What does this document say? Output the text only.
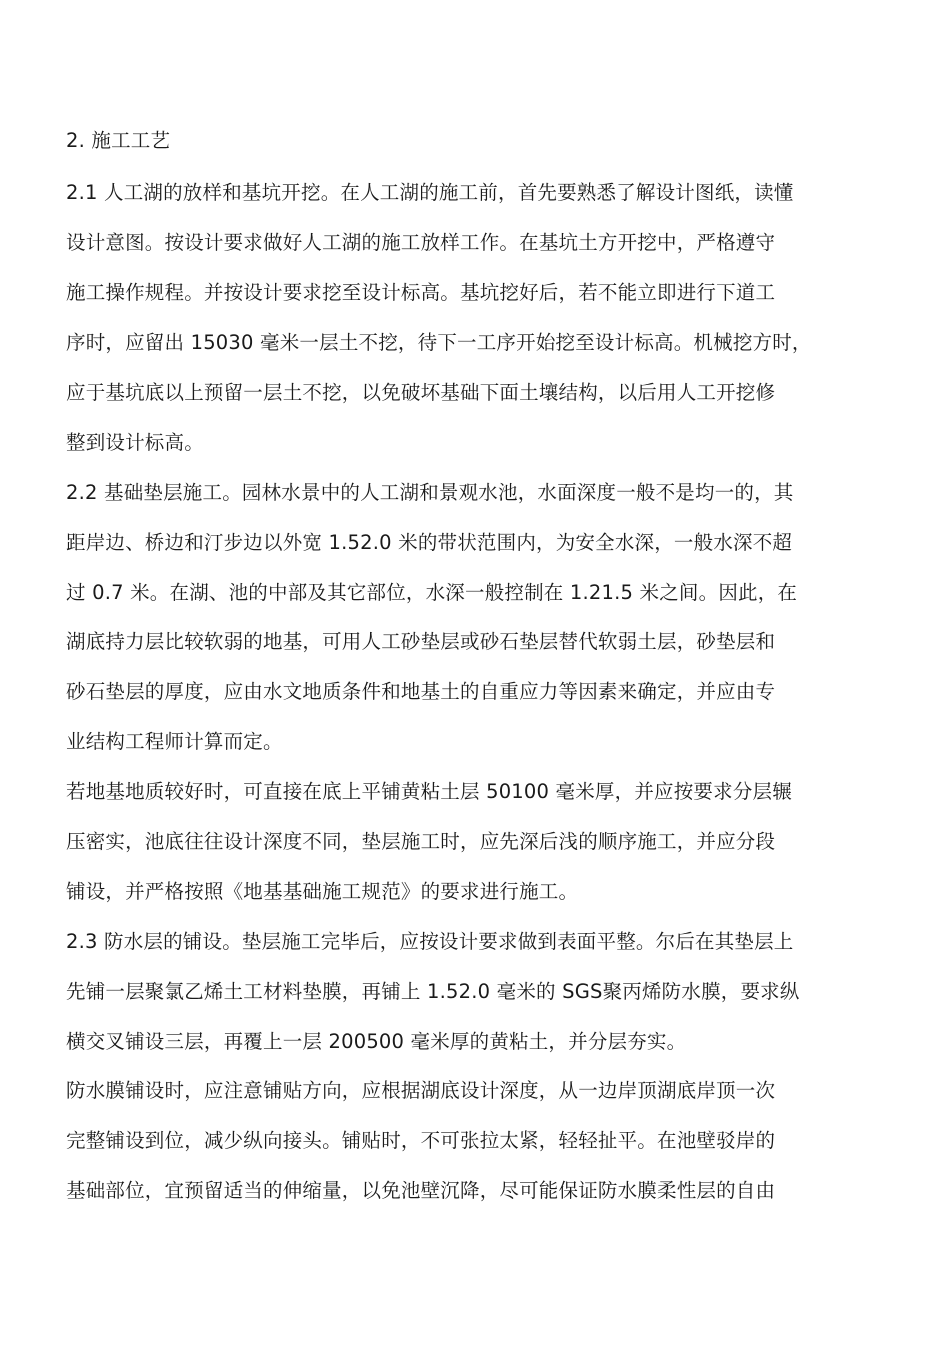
2. 施工工艺
2.1 人工湖的放样和基坑开挖。在人工湖的施工前，首先要熟悉了解设计图纸，读懂
设计意图。按设计要求做好人工湖的施工放样工作。在基坑土方开挖中，严格遵守
施工操作规程。并按设计要求挖至设计标高。基坑挖好后，若不能立即进行下道工
序时，应留出 15030 毫米一层土不挖，待下一工序开始挖至设计标高。机械挖方时，
应于基坑底以上预留一层土不挖，以免破坏基础下面土壤结构，以后用人工开挖修
整到设计标高。
2.2 基础垫层施工。园林水景中的人工湖和景观水池，水面深度一般不是均一的，其
距岸边、桥边和汀步边以外宽 1.52.0 米的带状范围内，为安全水深，一般水深不超
过 0.7 米。在湖、池的中部及其它部位，水深一般控制在 1.21.5 米之间。因此，在
湖底持力层比较软弱的地基，可用人工砂垫层或砂石垫层替代软弱土层，砂垫层和
砂石垫层的厚度，应由水文地质条件和地基土的自重应力等因素来确定，并应由专
业结构工程师计算而定。
若地基地质较好时，可直接在底上平铺黄粘土层 50100 毫米厚，并应按要求分层辗
压密实，池底往往设计深度不同，垫层施工时，应先深后浅的顺序施工，并应分段
铺设，并严格按照《地基基础施工规范》的要求进行施工。
2.3 防水层的铺设。垫层施工完毕后，应按设计要求做到表面平整。尔后在其垫层上
先铺一层聚氯乙烯土工材料垫膜，再铺上 1.52.0 毫米的 SGS聚丙烯防水膜，要求纵
横交叉铺设三层，再覆上一层 200500 毫米厚的黄粘土，并分层夯实。
防水膜铺设时，应注意铺贴方向，应根据湖底设计深度，从一边岸顶湖底岸顶一次
完整铺设到位，减少纵向接头。铺贴时，不可张拉太紧，轻轻扯平。在池壁驳岸的
基础部位，宜预留适当的伸缩量，以免池壁沉降，尽可能保证防水膜柔性层的自由
